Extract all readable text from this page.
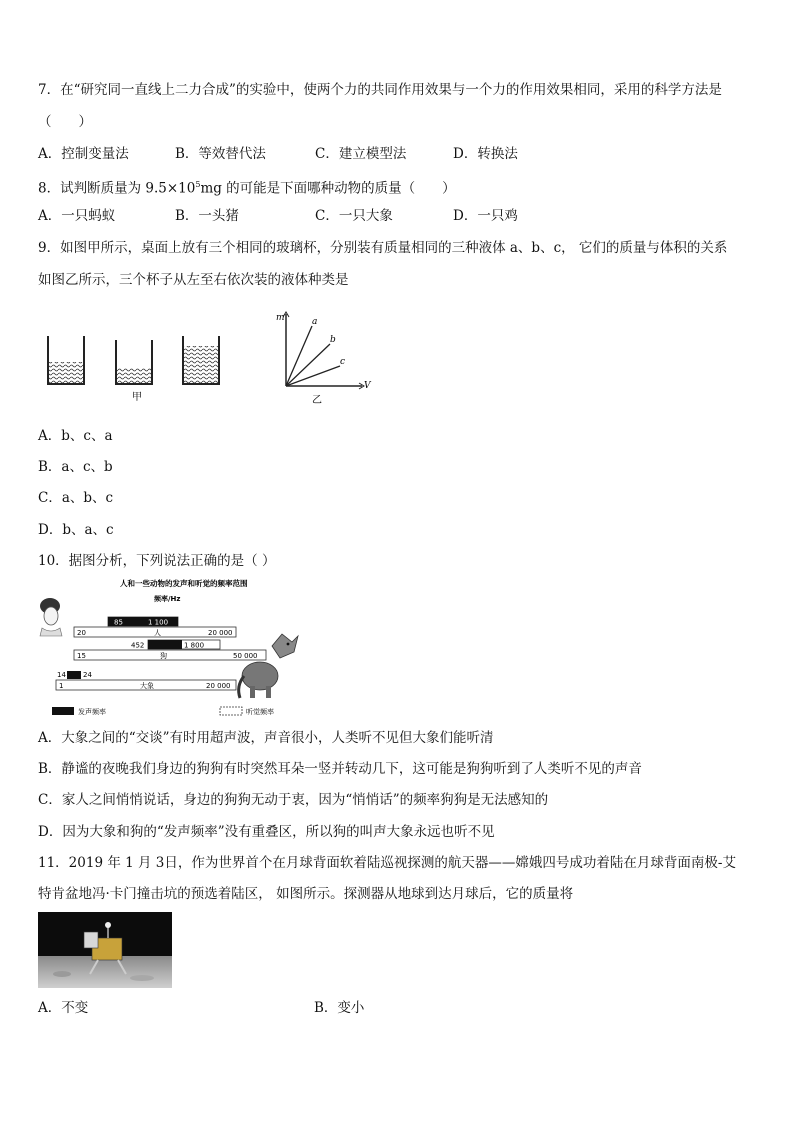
7．在“研究同一直线上二力合成”的实验中，使两个力的共同作用效果与一个力的作用效果相同，采用的科学方法是
（　　）
A．控制变量法	B．等效替代法	C．建立模型法	D．转换法
8．试判断质量为 $9.5\times 10^5mg$ 的可能是下面哪种动物的质量（　　）
A．一只蚂蚁	B．一头猪	C．一只大象	D．一只鸡
9．如图甲所示，桌面上放有三个相同的玻璃杯，分别装有质量相同的三种液体 a、b、c， 它们的质量与体积的关系
如图乙所示，三个杯子从左至右依次装的液体种类是
甲
m
V
a
b
c
乙
A．b、c、a
B．a、c、b
C．a、b、c
D．b、a、c
10．据图分析，下列说法正确的是（ ）
人和一些动物的发声和听觉的频率范围
频率/Hz
85	1 100
20	人	20 000
452	1 800
15	狗	50 000
14 24
1	大象	20 000
发声频率	听觉频率
A．大象之间的“交谈”有时用超声波，声音很小，人类听不见但大象们能听清
B．静谧的夜晚我们身边的狗狗有时突然耳朵一竖并转动几下，这可能是狗狗听到了人类听不见的声音
C．家人之间悄悄说话，身边的狗狗无动于衷，因为“悄悄话”的频率狗狗是无法感知的
D．因为大象和狗的“发声频率”没有重叠区，所以狗的叫声大象永远也听不见
11．2019 年 1 月 3日，作为世界首个在月球背面软着陆巡视探测的航天器——嫦娥四号成功着陆在月球背面南极-艾
特肯盆地冯·卡门撞击坑的预选着陆区， 如图所示。探测器从地球到达月球后，它的质量将
A．不变	B．变小
